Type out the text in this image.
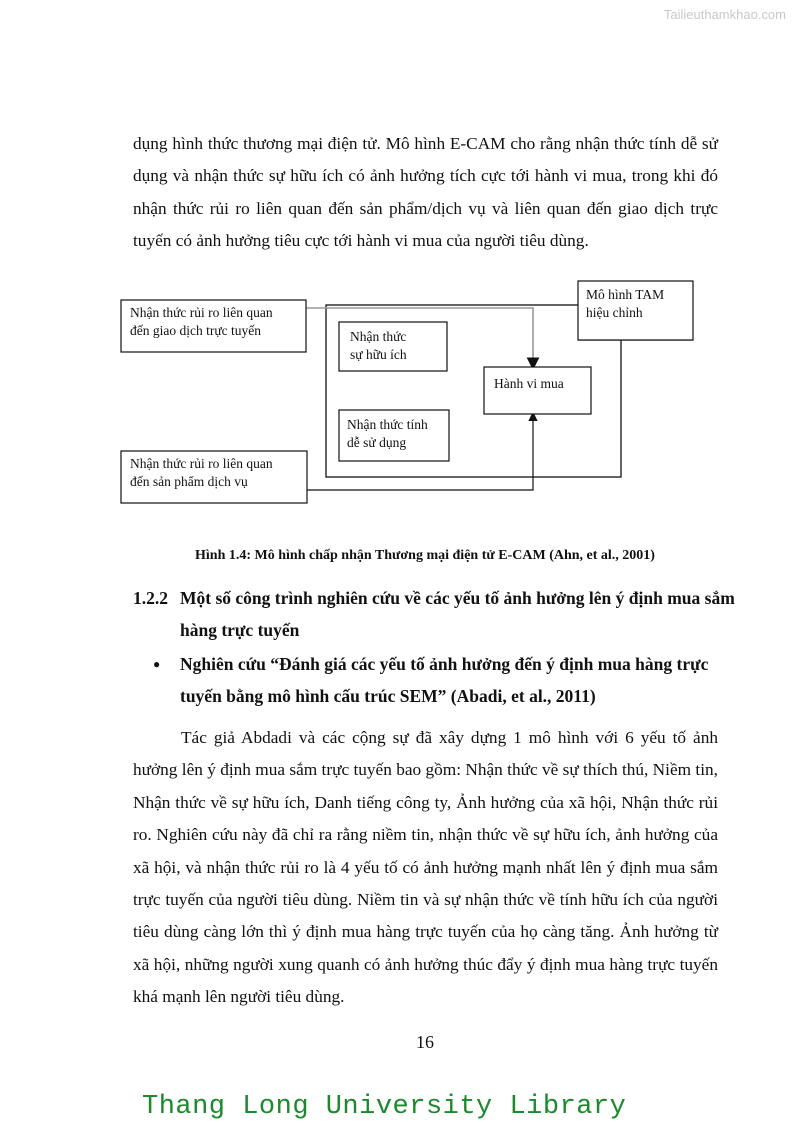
Tailieuthamkhao.com

dụng hình thức thương mại điện tử. Mô hình E-CAM cho rằng nhận thức tính dễ sử dụng và nhận thức sự hữu ích có ảnh hưởng tích cực tới hành vi mua, trong khi đó nhận thức rủi ro liên quan đến sản phẩm/dịch vụ và liên quan đến giao dịch trực tuyến có ảnh hưởng tiêu cực tới hành vi mua của người tiêu dùng.

Nhận thức rủi ro liên quan
đến giao dịch trực tuyến
Nhận thức rủi ro liên quan
đến sản phẩm dịch vụ
Nhận thức
sự hữu ích
Nhận thức tính
dễ sử dụng
Hành vi mua
Mô hình TAM
hiệu chỉnh
Hình 1.4: Mô hình chấp nhận Thương mại điện tử E-CAM (Ahn, et al., 2001)
1.2.2 Một số công trình nghiên cứu về các yếu tố ảnh hưởng lên ý định mua sắm hàng trực tuyến
● Nghiên cứu “Đánh giá các yếu tố ảnh hưởng đến ý định mua hàng trực tuyến bằng mô hình cấu trúc SEM” (Abadi, et al., 2011)

Tác giả Abdadi và các cộng sự đã xây dựng 1 mô hình với 6 yếu tố ảnh hưởng lên ý định mua sắm trực tuyến bao gồm: Nhận thức về sự thích thú, Niềm tin, Nhận thức về sự hữu ích, Danh tiếng công ty, Ảnh hưởng của xã hội, Nhận thức rủi ro. Nghiên cứu này đã chỉ ra rằng niềm tin, nhận thức về sự hữu ích, ảnh hưởng của xã hội, và nhận thức rủi ro là 4 yếu tố có ảnh hưởng mạnh nhất lên ý định mua sắm trực tuyến của người tiêu dùng. Niềm tin và sự nhận thức về tính hữu ích của người tiêu dùng càng lớn thì ý định mua hàng trực tuyến của họ càng tăng. Ảnh hưởng từ xã hội, những người xung quanh có ảnh hưởng thúc đẩy ý định mua hàng trực tuyến khá mạnh lên người tiêu dùng.

16
Thang Long University Library
